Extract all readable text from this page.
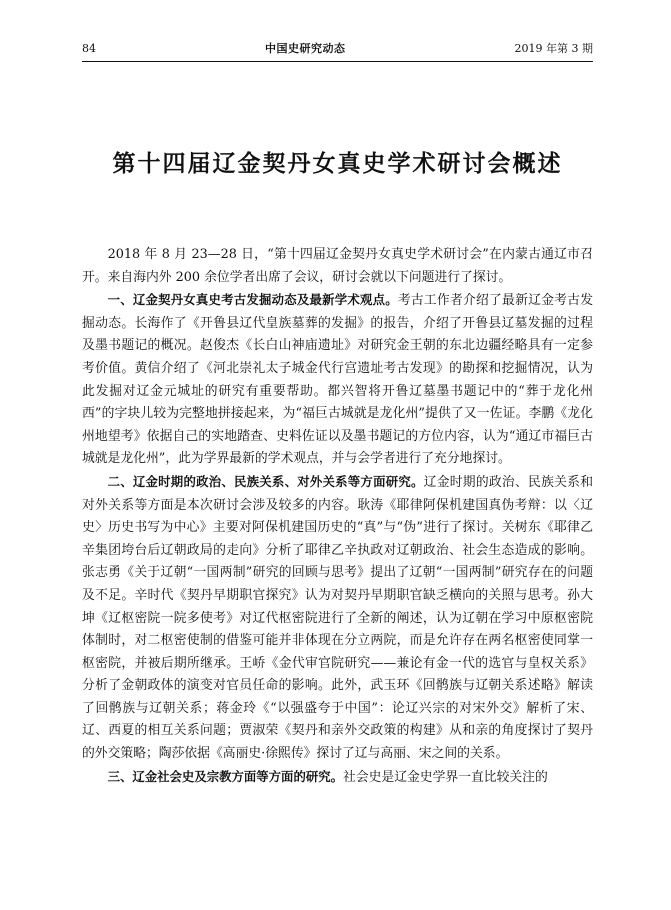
84	中国史研究动态	2019 年第 3 期
第十四届辽金契丹女真史学术研讨会概述

2018 年 8 月 23—28 日，“第十四届辽金契丹女真史学术研讨会”在内蒙古通辽市召开。来自海内外 200 余位学者出席了会议，研讨会就以下问题进行了探讨。

一、辽金契丹女真史考古发掘动态及最新学术观点。考古工作者介绍了最新辽金考古发掘动态。长海作了《开鲁县辽代皇族墓葬的发掘》的报告，介绍了开鲁县辽墓发掘的过程及墨书题记的概况。赵俊杰《长白山神庙遗址》对研究金王朝的东北边疆经略具有一定参考价值。黄信介绍了《河北崇礼太子城金代行宫遗址考古发现》的勘探和挖掘情况，认为此发掘对辽金元城址的研究有重要帮助。都兴智将开鲁辽墓墨书题记中的“葬于龙化州西”的字块儿较为完整地拼接起来，为“福巨古城就是龙化州”提供了又一佐证。李鹏《龙化州地望考》依据自己的实地踏查、史料佐证以及墨书题记的方位内容，认为“通辽市福巨古城就是龙化州”，此为学界最新的学术观点，并与会学者进行了充分地探讨。

二、辽金时期的政治、民族关系、对外关系等方面研究。辽金时期的政治、民族关系和对外关系等方面是本次研讨会涉及较多的内容。耿涛《耶律阿保机建国真伪考辩：以〈辽史〉历史书写为中心》主要对阿保机建国历史的“真”与“伪”进行了探讨。关树东《耶律乙辛集团垮台后辽朝政局的走向》分析了耶律乙辛执政对辽朝政治、社会生态造成的影响。张志勇《关于辽朝“一国两制”研究的回顾与思考》提出了辽朝“一国两制”研究存在的问题及不足。辛时代《契丹早期职官探究》认为对契丹早期职官缺乏横向的关照与思考。孙大坤《辽枢密院一院多使考》对辽代枢密院进行了全新的阐述，认为辽朝在学习中原枢密院体制时，对二枢密使制的借鉴可能并非体现在分立两院，而是允许存在两名枢密使同掌一枢密院，并被后期所继承。王峤《金代审官院研究——兼论有金一代的选官与皇权关系》分析了金朝政体的演变对官员任命的影响。此外，武玉环《回鹘族与辽朝关系述略》解读了回鹘族与辽朝关系；蒋金玲《“以强盛夸于中国”：论辽兴宗的对宋外交》解析了宋、辽、西夏的相互关系问题；贾淑荣《契丹和亲外交政策的构建》从和亲的角度探讨了契丹的外交策略；陶莎依据《高丽史·徐熙传》探讨了辽与高丽、宋之间的关系。

三、辽金社会史及宗教方面等方面的研究。社会史是辽金史学界一直比较关注的
